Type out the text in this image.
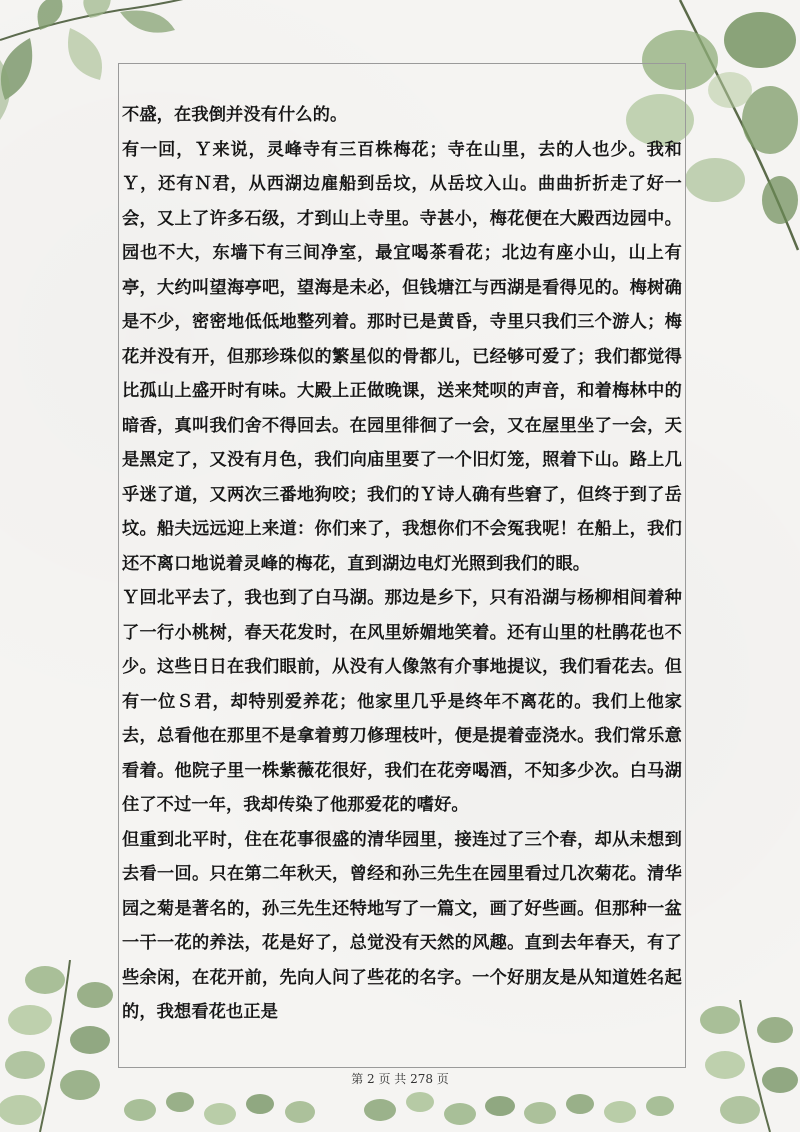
不盛，在我倒并没有什么的。

有一回，Ｙ来说，灵峰寺有三百株梅花；寺在山里，去的人也少。我和Ｙ，还有Ｎ君，从西湖边雇船到岳坟，从岳坟入山。曲曲折折走了好一会，又上了许多石级，才到山上寺里。寺甚小，梅花便在大殿西边园中。园也不大，东墙下有三间净室，最宜喝茶看花；北边有座小山，山上有亭，大约叫望海亭吧，望海是未必，但钱塘江与西湖是看得见的。梅树确是不少，密密地低低地整列着。那时已是黄昏，寺里只我们三个游人；梅花并没有开，但那珍珠似的繁星似的骨都儿，已经够可爱了；我们都觉得比孤山上盛开时有味。大殿上正做晚课，送来梵呗的声音，和着梅林中的暗香，真叫我们舍不得回去。在园里徘徊了一会，又在屋里坐了一会，天是黑定了，又没有月色，我们向庙里要了一个旧灯笼，照着下山。路上几乎迷了道，又两次三番地狗咬；我们的Ｙ诗人确有些窘了，但终于到了岳坟。船夫远远迎上来道：你们来了，我想你们不会冤我呢！在船上，我们还不离口地说着灵峰的梅花，直到湖边电灯光照到我们的眼。

Ｙ回北平去了，我也到了白马湖。那边是乡下，只有沿湖与杨柳相间着种了一行小桃树，春天花发时，在风里娇媚地笑着。还有山里的杜鹃花也不少。这些日日在我们眼前，从没有人像煞有介事地提议，我们看花去。但有一位Ｓ君，却特别爱养花；他家里几乎是终年不离花的。我们上他家去，总看他在那里不是拿着剪刀修理枝叶，便是提着壶浇水。我们常乐意看着。他院子里一株紫薇花很好，我们在花旁喝酒，不知多少次。白马湖住了不过一年，我却传染了他那爱花的嗜好。

但重到北平时，住在花事很盛的清华园里，接连过了三个春，却从未想到去看一回。只在第二年秋天，曾经和孙三先生在园里看过几次菊花。清华园之菊是著名的，孙三先生还特地写了一篇文，画了好些画。但那种一盆一干一花的养法，花是好了，总觉没有天然的风趣。直到去年春天，有了些余闲，在花开前，先向人问了些花的名字。一个好朋友是从知道姓名起的，我想看花也正是

第 2 页 共 278 页
